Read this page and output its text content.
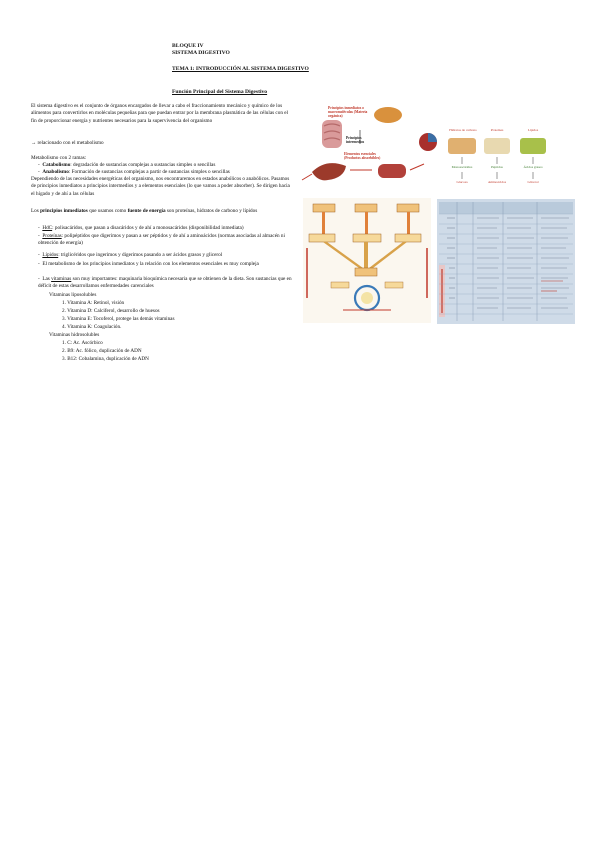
BLOQUE IV
SISTEMA DIGESTIVO
TEMA 1: INTRODUCCIÓN AL SISTEMA DIGESTIVO
Función Principal del Sistema Digestivo
El sistema digestivo es el conjunto de órganos encargados de llevar a cabo el fraccionamiento mecánico y químico de los alimentos para convertirlos en moléculas pequeñas para que puedan entrar por la membrana plasmática de las células con el fin de proporcionar energía y nutrientes necesarios para la supervivencia del organismo
→ relacionado con el metabolismo
Metabolismo con 2 ramas:
-  Catabolismo: degradación de sustancias complejas a sustancias simples o sencillas
-  Anabolismo: Formación de sustancias complejas a partir de sustancias simples o sencillas
Dependiendo de las necesidades energéticas del organismo, nos encontraremos en estados anabólicos o anabólicos. Pasamos de principios inmediatos a principios intermedios y a elementos esenciales (lo que vamos a poder absorber). Se dirigen hacia el hígado y de ahí a las células
Los principios inmediatos que usamos como fuente de energía son proteínas, hidratos de carbono y lípidos
-  HdC: polisacáridos, que pasan a disacáridos y de ahí a monosacáridos (disponibilidad inmediata)
-  Proteínas: polipéptidos que digerimos y pasan a ser péptidos y de ahí a aminoácidos (normas asociadas al almacén ni obtención de energía)
-  Lípidos: triglicéridos que ingerimos y digerimos pasando a ser ácidos grasos y glicerol
-  El metabolismo de los principios inmediatos y la relación con los elementos esenciales es muy compleja
-  Las vitaminas son muy importantes: maquinaria bioquímica necesaria que se obtienen de la dieta. Son sustancias que en déficit de estas desarrollamos enfermedades carenciales
Vitaminas liposolubles
1. Vitamina A: Retinol, visión
2. Vitamina D: Calciferol, desarrollo de huesos
3. Vitamina E: Tocoferol, protege las demás vitaminas
4. Vitamina K: Coagulación.
Vitaminas hidrosolubles
1. C: Ac. Ascórbico
2. B9: Ac. fólico, duplicación de ADN
3. B12: Cobalamina, duplicación de ADN
Principios inmediatos o macromoléculas (Materia orgánica)
Principios intermedios
Elementos esenciales (Productos absorbibles)
Hidratos de carbono	Proteínas	Lípidos
Monosacáridos	Péptidos	Ácidos grasos
Glucosa	Aminoácidos	Glicerol
